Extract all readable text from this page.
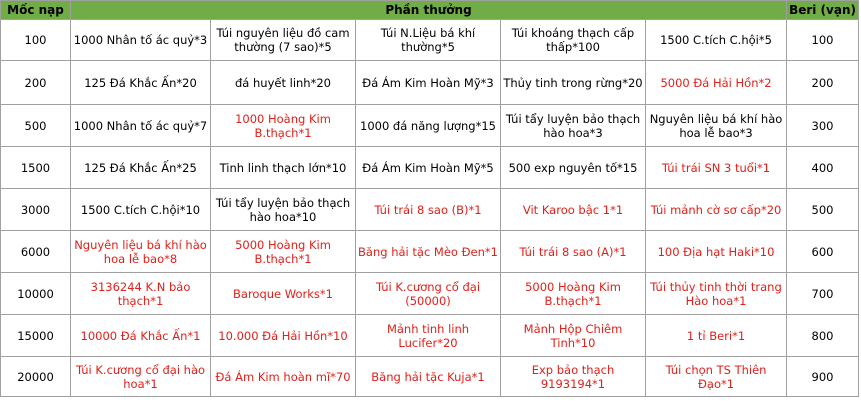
Mốc nạp	Phần thưởng					Beri (vạn)
100	1000 Nhân tố ác quỷ*3	Túi nguyên liệu đồ cam thường (7 sao)*5	Túi N.Liệu bá khí thường*5	Túi khoáng thạch cấp thấp*100	1500 C.tích C.hội*5	100
200	125 Đá Khắc Ấn*20	đá huyết linh*20	Đá Ám Kim Hoàn Mỹ*3	Thủy tinh trong rừng*20	5000 Đá Hải Hồn*2	200
500	1000 Nhân tố ác quỷ*7	1000 Hoàng Kim B.thạch*1	1000 đá năng lượng*15	Túi tẩy luyện bảo thạch hào hoa*3	Nguyên liệu bá khí hào hoa lễ bao*3	300
1500	125 Đá Khắc Ấn*25	Tinh linh thạch lớn*10	Đá Ám Kim Hoàn Mỹ*5	500 exp nguyên tố*15	Túi trái SN 3 tuổi*1	400
3000	1500 C.tích C.hội*10	Túi tẩy luyện bảo thạch hào hoa*10	Túi trái 8 sao (B)*1	Vit Karoo bậc 1*1	Túi mảnh cờ sơ cấp*20	500
6000	Nguyên liệu bá khí hào hoa lễ bao*8	5000 Hoàng Kim B.thạch*1	Băng hải tặc Mèo Đen*1	Túi trái 8 sao (A)*1	100 Địa hạt Haki*10	600
10000	3136244 K.N bảo thạch*1	Baroque Works*1	Túi K.cương cổ đại (50000)	5000 Hoàng Kim B.thạch*1	Túi thủy tinh thời trang Hào hoa*1	700
15000	10000 Đá Khắc Ấn*1	10.000 Đá Hải Hồn*10	Mảnh tinh linh Lucifer*20	Mảnh Hộp Chiêm Tinh*10	1 tỉ Beri*1	800
20000	Túi K.cương cổ đại hào hoa*1	Đá Ám Kim hoàn mĩ*70	Băng hải tặc Kuja*1	Exp bảo thạch 9193194*1	Túi chọn TS Thiên Đạo*1	900
